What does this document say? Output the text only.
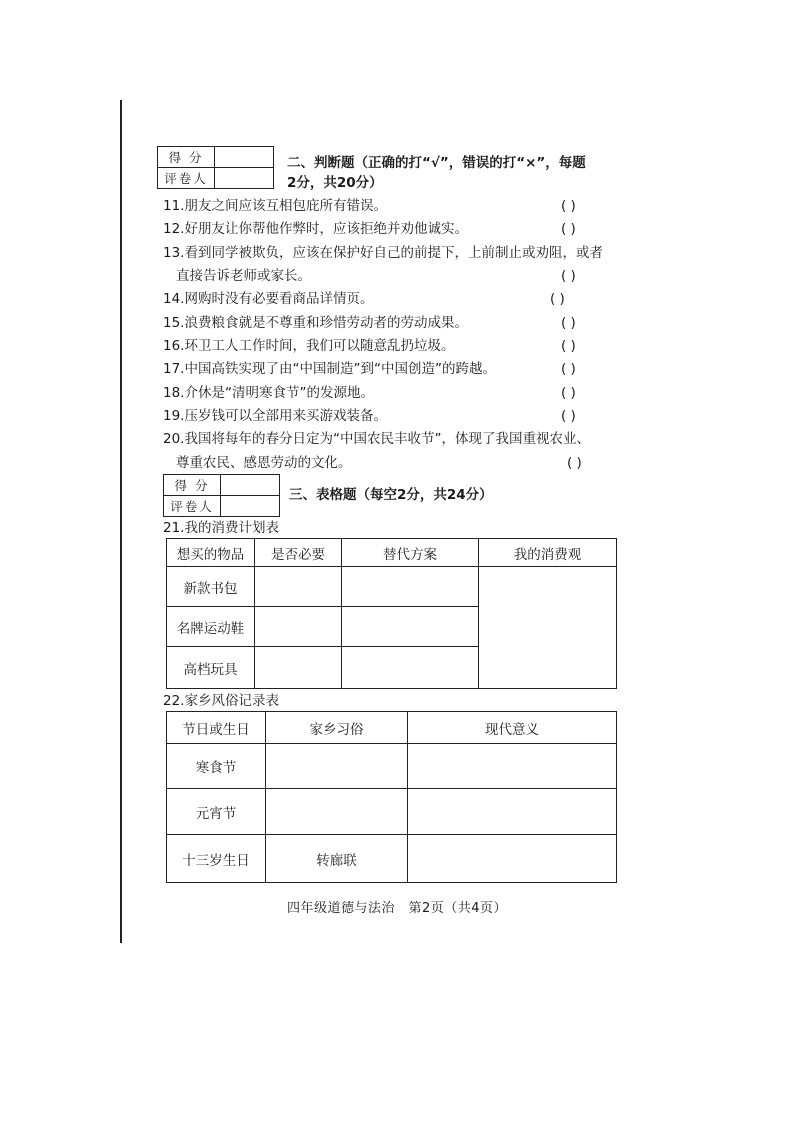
得 分	
评卷人	
二、判断题（正确的打“√”，错误的打“×”，每题
2分，共20分）
11.朋友之间应该互相包庇所有错误。	( )
12.好朋友让你帮他作弊时，应该拒绝并劝他诚实。	( )
13.看到同学被欺负，应该在保护好自己的前提下，上前制止或劝阻，或者
直接告诉老师或家长。	( )
14.网购时没有必要看商品详情页。	( )
15.浪费粮食就是不尊重和珍惜劳动者的劳动成果。	( )
16.环卫工人工作时间，我们可以随意乱扔垃圾。	( )
17.中国高铁实现了由“中国制造”到“中国创造”的跨越。	( )
18.介休是“清明寒食节”的发源地。	( )
19.压岁钱可以全部用来买游戏装备。	( )
20.我国将每年的春分日定为“中国农民丰收节”，体现了我国重视农业、
尊重农民、感恩劳动的文化。	( )
得 分	
评卷人	
三、表格题（每空2分，共24分）
21.我的消费计划表
想买的物品	是否必要	替代方案	我的消费观
新款书包			
名牌运动鞋			
高档玩具			
22.家乡风俗记录表
节日或生日	家乡习俗	现代意义
寒食节		
元宵节		
十三岁生日	转廊联	
四年级道德与法治　第2页（共4页）
